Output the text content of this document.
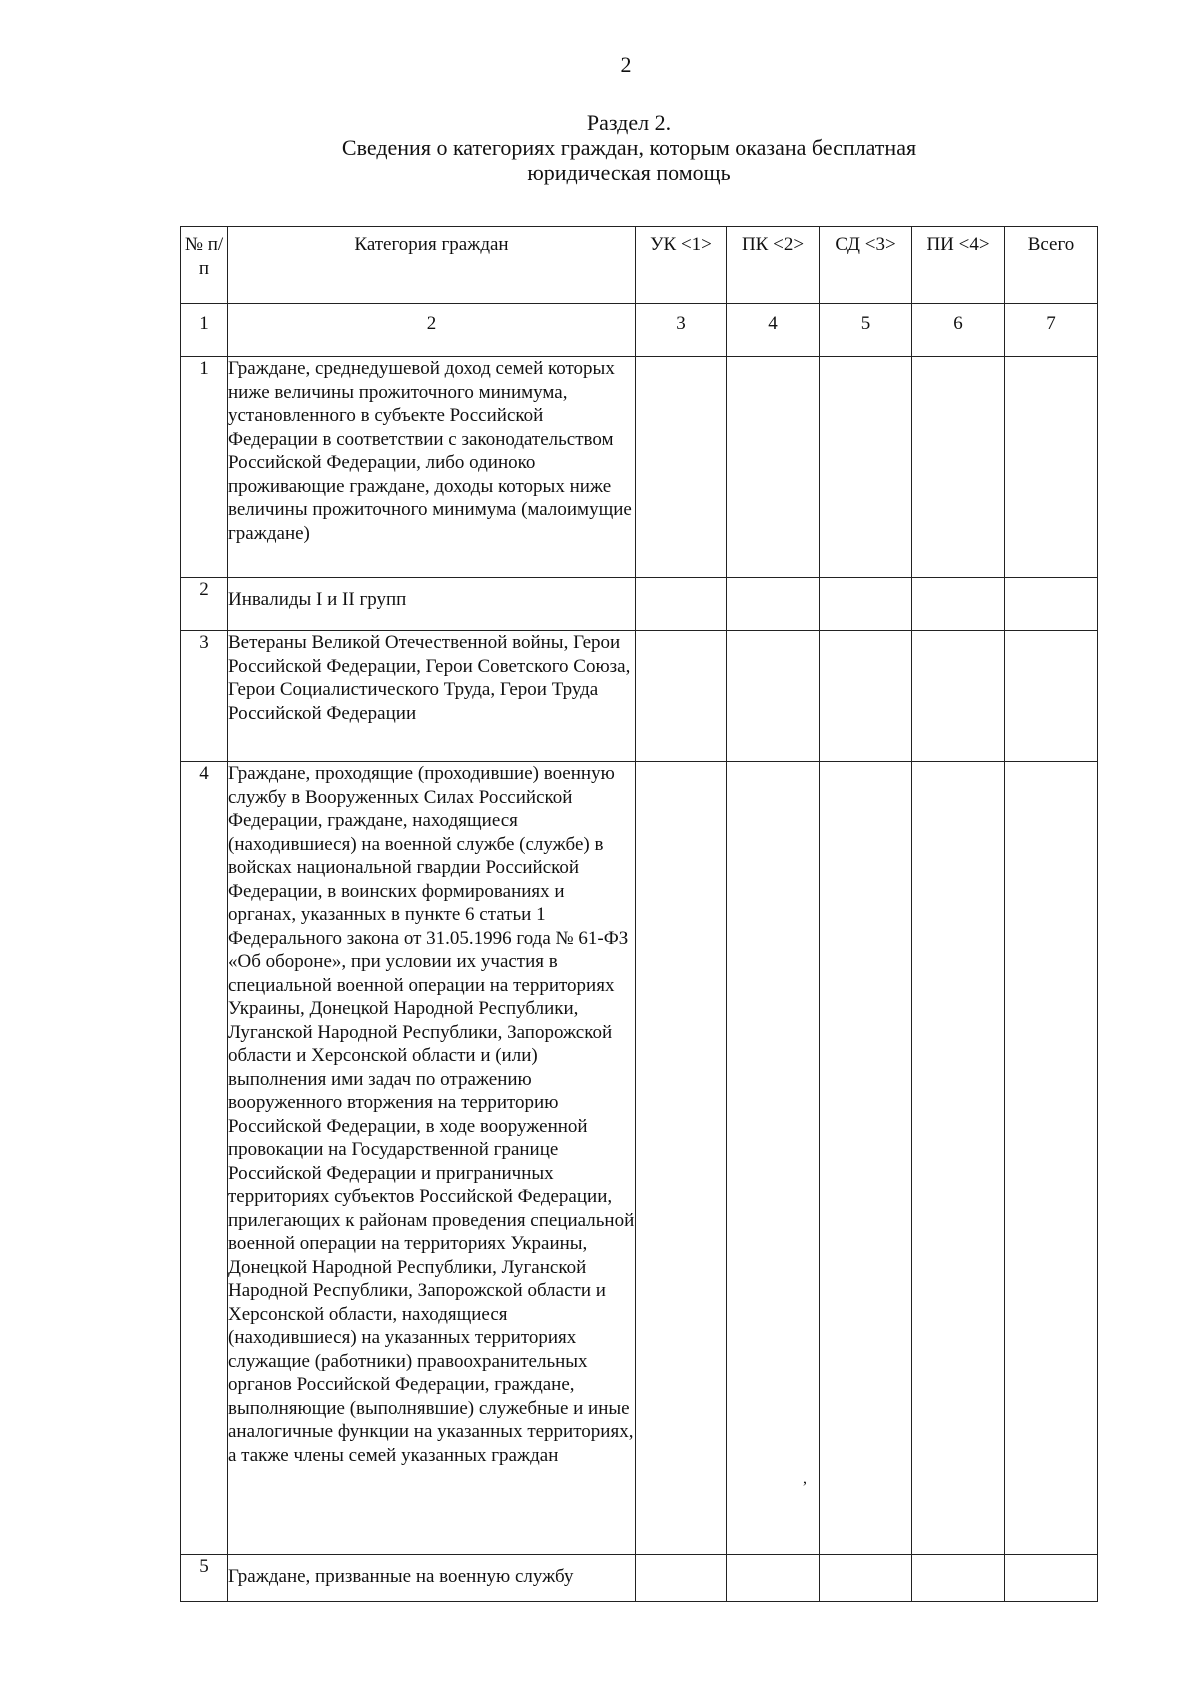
2
Раздел 2.
Сведения о категориях граждан, которым оказана бесплатная
юридическая помощь
№ п/п	Категория граждан	УК <1>	ПК <2>	СД <3>	ПИ <4>	Всего
1	2	3	4	5	6	7
1	Граждане, среднедушевой доход семей которых ниже величины прожиточного минимума, установленного в субъекте Российской Федерации в соответствии с законодательством Российской Федерации, либо одиноко проживающие граждане, доходы которых ниже величины прожиточного минимума (малоимущие граждане)					
2	Инвалиды I и II групп					
3	Ветераны Великой Отечественной войны, Герои Российской Федерации, Герои Советского Союза, Герои Социалистического Труда, Герои Труда Российской Федерации					
4	Граждане, проходящие (проходившие) военную службу в Вооруженных Силах Российской Федерации, граждане, находящиеся (находившиеся) на военной службе (службе) в войсках национальной гвардии Российской Федерации, в воинских формированиях и органах, указанных в пункте 6 статьи 1 Федерального закона от 31.05.1996 года № 61-ФЗ «Об обороне», при условии их участия в специальной военной операции на территориях Украины, Донецкой Народной Республики, Луганской Народной Республики, Запорожской области и Херсонской области и (или) выполнения ими задач по отражению вооруженного вторжения на территорию Российской Федерации, в ходе вооруженной провокации на Государственной границе Российской Федерации и приграничных территориях субъектов Российской Федерации, прилегающих к районам проведения специальной военной операции на территориях Украины, Донецкой Народной Республики, Луганской Народной Республики, Запорожской области и Херсонской области, находящиеся (находившиеся) на указанных территориях служащие (работники) правоохранительных органов Российской Федерации, граждане, выполняющие (выполнявшие) служебные и иные аналогичные функции на указанных территориях, а также члены семей указанных граждан					
5	Граждане, призванные на военную службу					
,
